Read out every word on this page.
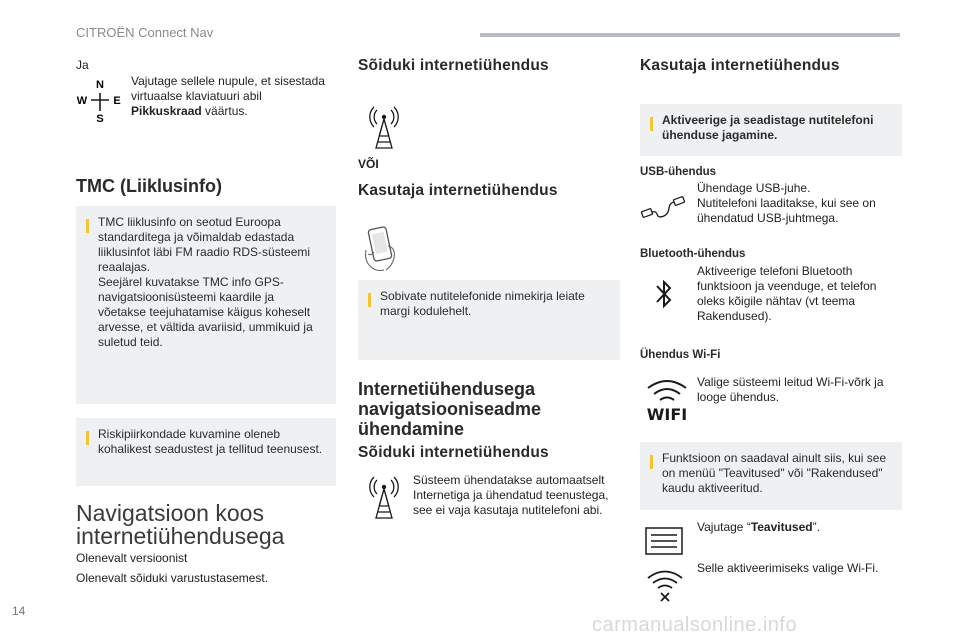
CITROËN Connect Nav
Ja
N
W E
S
Vajutage sellele nupule, et sisestada virtuaalse klaviatuuri abil Pikkuskraad väärtus.
TMC (Liiklusinfo)
TMC liiklusinfo on seotud Euroopa
standarditega ja võimaldab edastada
liiklusinfot läbi FM raadio RDS-süsteemi
reaalajas.
Seejärel kuvatakse TMC info GPS-
navigatsioonisüsteemi kaardile ja
võetakse teejuhatamise käigus koheselt
arvesse, et vältida avariisid, ummikuid ja
suletud teid.
Riskipiirkondade kuvamine oleneb
kohalikest seadustest ja tellitud teenusest.
Navigatsioon koos
internetiühendusega
Olenevalt versioonist
Olenevalt sõiduki varustustasemest.
Sõiduki internetiühendus
VÕI
Kasutaja internetiühendus
Sobivate nutitelefonide nimekirja leiate
margi kodulehelt.
Internetiühendusega
navigatsiooniseadme
ühendamine
Sõiduki internetiühendus
Süsteem ühendatakse automaatselt
Internetiga ja ühendatud teenustega,
see ei vaja kasutaja nutitelefoni abi.
Kasutaja internetiühendus
Aktiveerige ja seadistage nutitelefoni
ühenduse jagamine.
USB-ühendus
Ühendage USB-juhe.
Nutitelefoni laaditakse, kui see on
ühendatud USB-juhtmega.
Bluetooth-ühendus
Aktiveerige telefoni Bluetooth
funktsioon ja veenduge, et telefon
oleks kõigile nähtav (vt teema
Rakendused).
Ühendus Wi-Fi
WIFI
Valige süsteemi leitud Wi-Fi-võrk ja
looge ühendus.
Funktsioon on saadaval ainult siis, kui see
on menüü "Teavitused" või "Rakendused"
kaudu aktiveeritud.
Vajutage “Teavitused”.
Selle aktiveerimiseks valige Wi-Fi.
14
carmanualsonline.info
